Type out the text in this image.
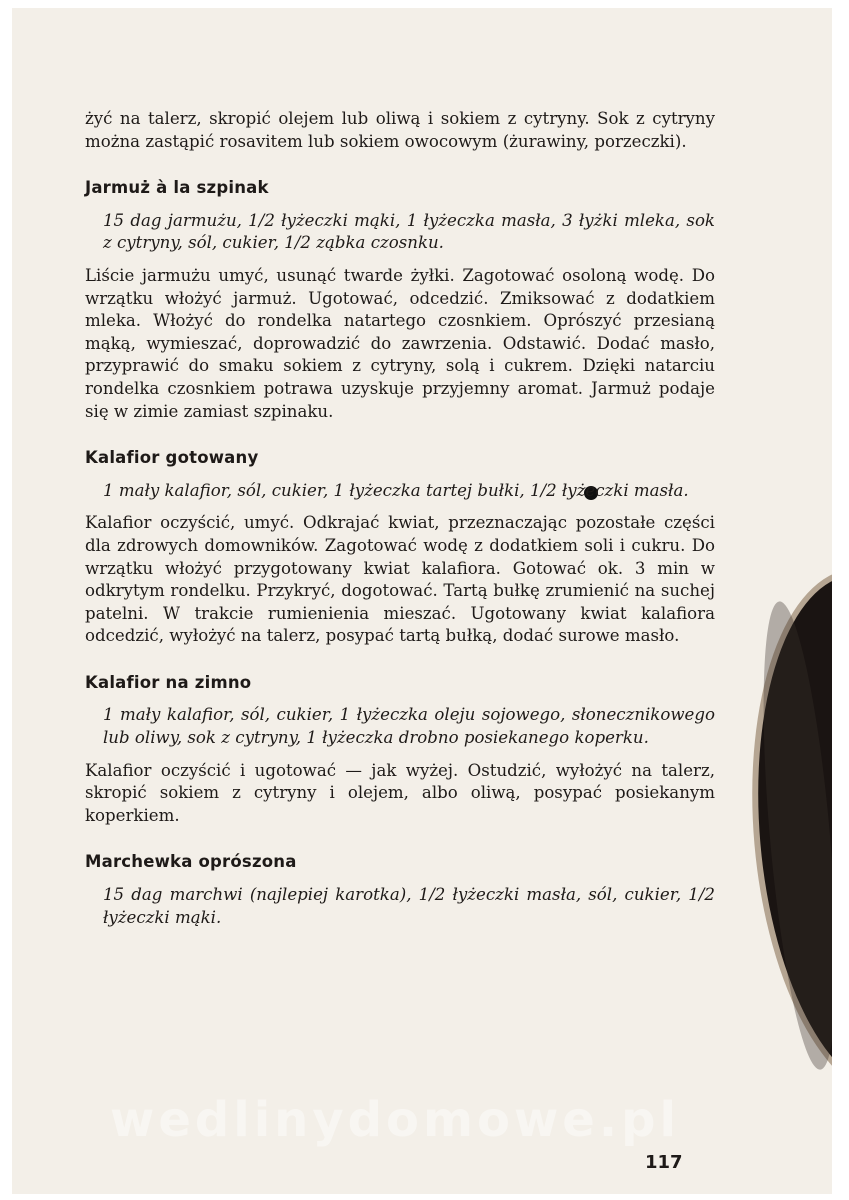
żyć na talerz, skropić olejem lub oliwą i sokiem z cytryny. Sok z cytryny można zastąpić rosavitem lub sokiem owocowym (żurawiny, porzeczki).

Jarmuż à la szpinak

15 dag jarmużu, 1/2 łyżeczki mąki, 1 łyżeczka masła, 3 łyżki mleka, sok z cytryny, sól, cukier, 1/2 ząbka czosnku.

Liście jarmużu umyć, usunąć twarde żyłki. Zagotować osoloną wodę. Do wrzątku włożyć jarmuż. Ugotować, odcedzić. Zmiksować z dodatkiem mleka. Włożyć do rondelka natartego czosnkiem. Oprószyć przesianą mąką, wymieszać, doprowadzić do zawrzenia. Odstawić. Dodać masło, przyprawić do smaku sokiem z cytryny, solą i cukrem. Dzięki natarciu rondelka czosnkiem potrawa uzyskuje przyjemny aromat. Jarmuż podaje się w zimie zamiast szpinaku.

Kalafior gotowany

1 mały kalafior, sól, cukier, 1 łyżeczka tartej bułki, 1/2 łyżeczki masła.

Kalafior oczyścić, umyć. Odkrajać kwiat, przeznaczając pozostałe części dla zdrowych domowników. Zagotować wodę z dodatkiem soli i cukru. Do wrzątku włożyć przygotowany kwiat kalafiora. Gotować ok. 3 min w odkrytym rondelku. Przykryć, dogotować. Tartą bułkę zrumienić na suchej patelni. W trakcie rumienienia mieszać. Ugotowany kwiat kalafiora odcedzić, wyłożyć na talerz, posypać tartą bułką, dodać surowe masło.

Kalafior na zimno

1 mały kalafior, sól, cukier, 1 łyżeczka oleju sojowego, słonecznikowego lub oliwy, sok z cytryny, 1 łyżeczka drobno posiekanego koperku.

Kalafior oczyścić i ugotować — jak wyżej. Ostudzić, wyłożyć na talerz, skropić sokiem z cytryny i olejem, albo oliwą, posypać posiekanym koperkiem.

Marchewka oprószona

15 dag marchwi (najlepiej karotka), 1/2 łyżeczki masła, sól, cukier, 1/2 łyżeczki mąki.

wedlinydomowe.pl
117
